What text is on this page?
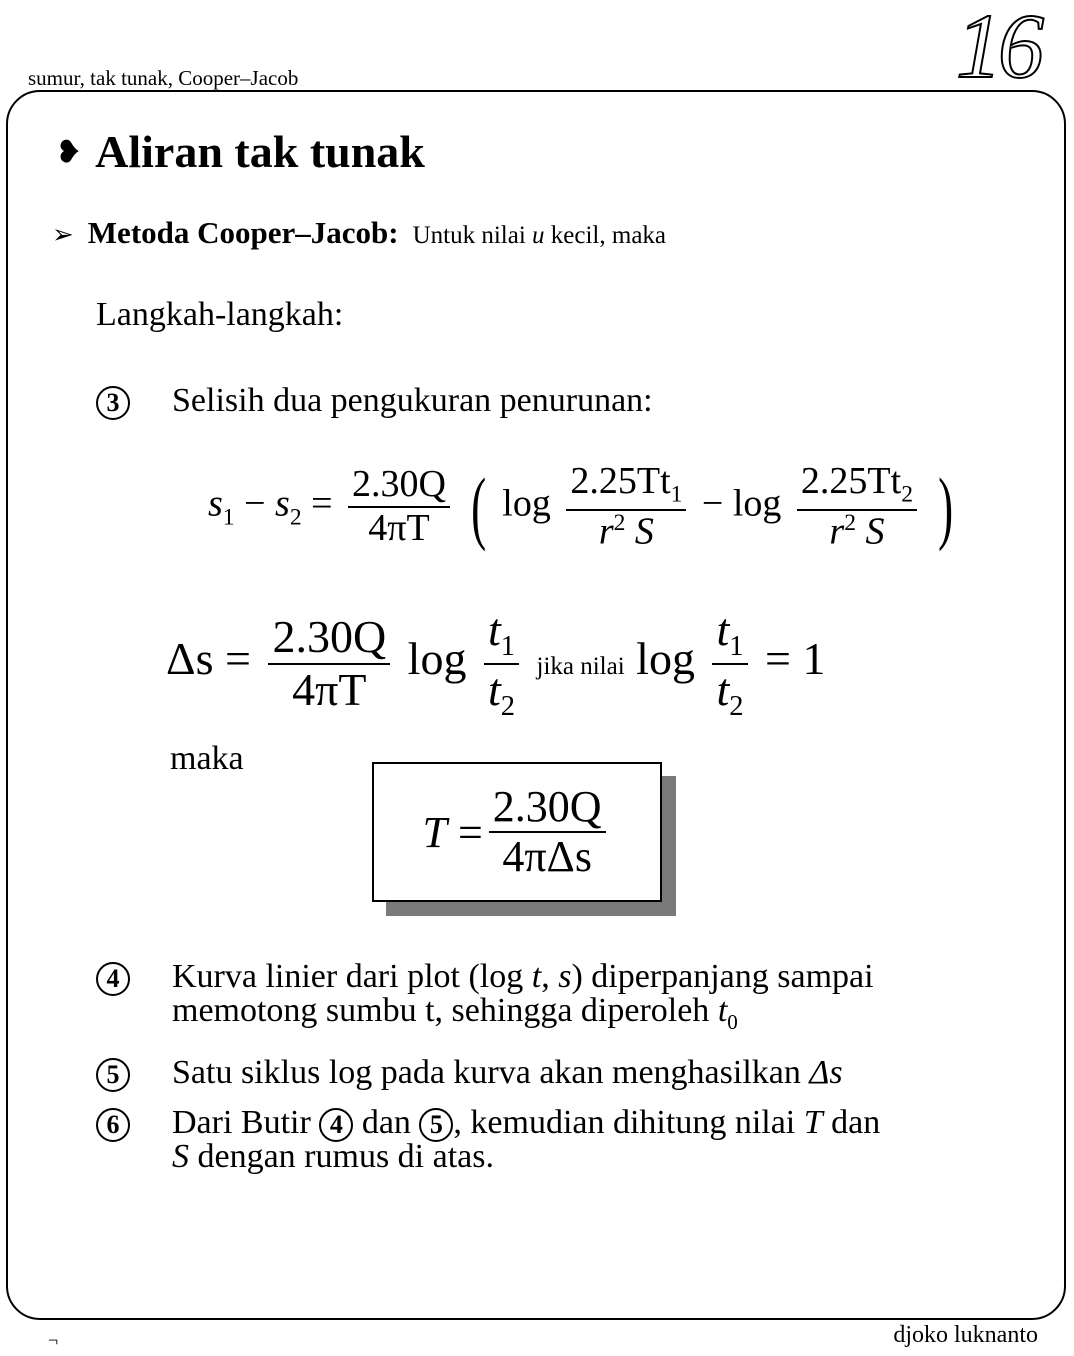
sumur, tak tunak, Cooper–Jacob	16
❥ Aliran tak tunak
➢ Metoda Cooper–Jacob: Untuk nilai u kecil, maka
Langkah-langkah:
3 Selisih dua pengukuran penurunan:
$s_1 - s_2 = \frac{2.30Q}{4\pi T}$ ( $\log \frac{2.25Tt_1}{r^2 S} - \log \frac{2.25Tt_2}{r^2 S}$ )
$\Delta s = \frac{2.30Q}{4\pi T}$ $\log \frac{t_1}{t_2}$ jika nilai $\log \frac{t_1}{t_2} = 1$
maka
T
= $\frac{2.30Q}{\text{4πΔs}}$
4 Kurva linier dari plot (log t, s) diperpanjang sampai
memotong sumbu t, sehingga diperoleh $t_0$
5 Satu siklus log pada kurva akan menghasilkan Δs
6 Dari Butir 4 dan 5 , kemudian dihitung nilai T dan
S dengan rumus di atas.
¬	djoko luknanto
